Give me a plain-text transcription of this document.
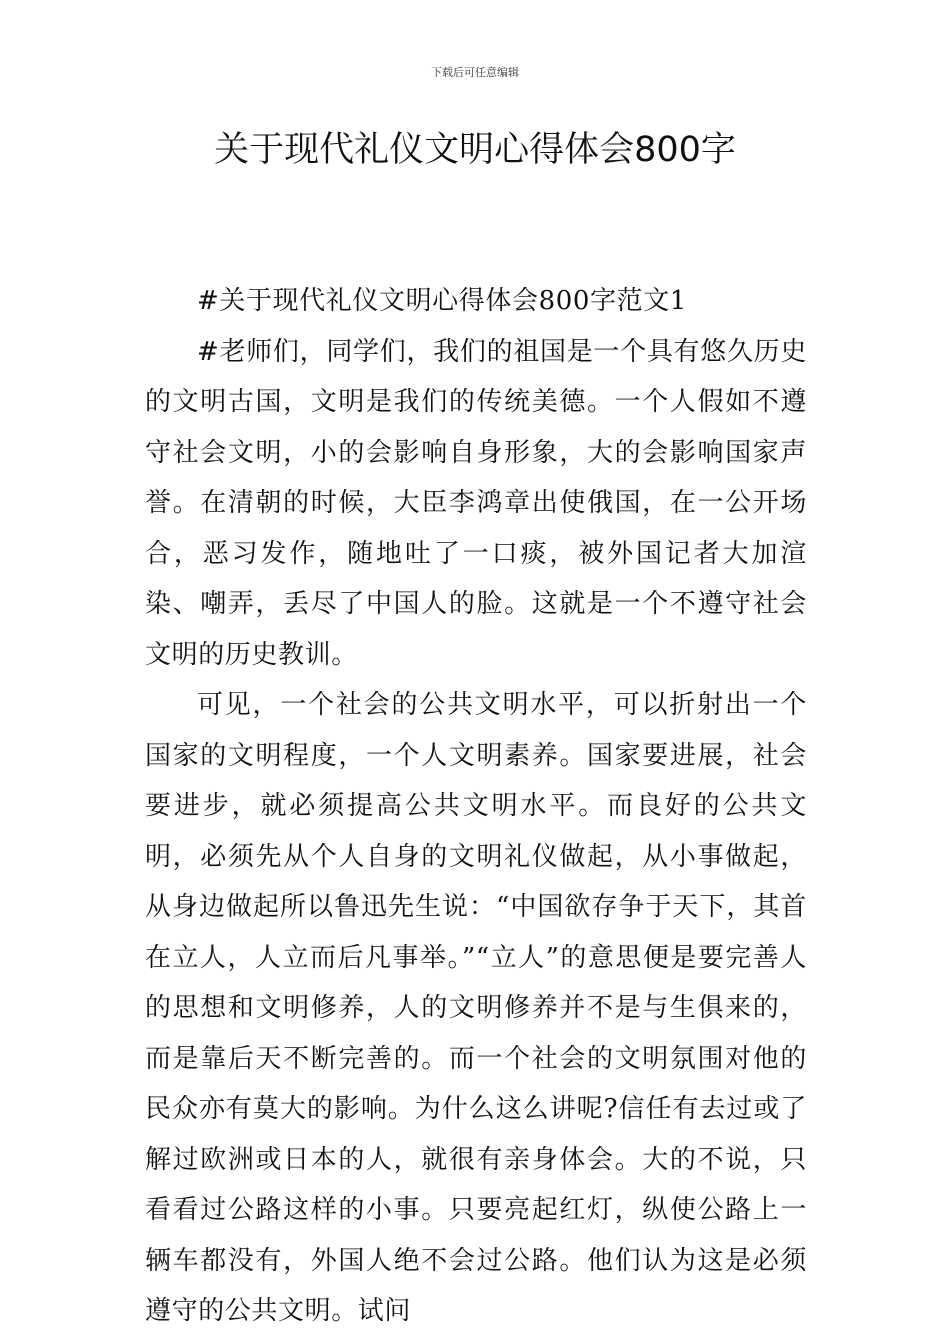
下载后可任意编辑
关于现代礼仪文明心得体会800字

#关于现代礼仪文明心得体会800字范文1

#老师们，同学们，我们的祖国是一个具有悠久历史的文明古国，文明是我们的传统美德。一个人假如不遵守社会文明，小的会影响自身形象，大的会影响国家声誉。在清朝的时候，大臣李鸿章出使俄国，在一公开场合，恶习发作，随地吐了一口痰，被外国记者大加渲染、嘲弄，丢尽了中国人的脸。这就是一个不遵守社会文明的历史教训。

可见，一个社会的公共文明水平，可以折射出一个国家的文明程度，一个人文明素养。国家要进展，社会要进步，就必须提高公共文明水平。而良好的公共文明，必须先从个人自身的文明礼仪做起，从小事做起，从身边做起所以鲁迅先生说：“中国欲存争于天下，其首在立人，人立而后凡事举。”“立人”的意思便是要完善人的思想和文明修养，人的文明修养并不是与生俱来的，而是靠后天不断完善的。而一个社会的文明氛围对他的民众亦有莫大的影响。为什么这么讲呢?信任有去过或了解过欧洲或日本的人，就很有亲身体会。大的不说，只看看过公路这样的小事。只要亮起红灯，纵使公路上一辆车都没有，外国人绝不会过公路。他们认为这是必须遵守的公共文明。试问
